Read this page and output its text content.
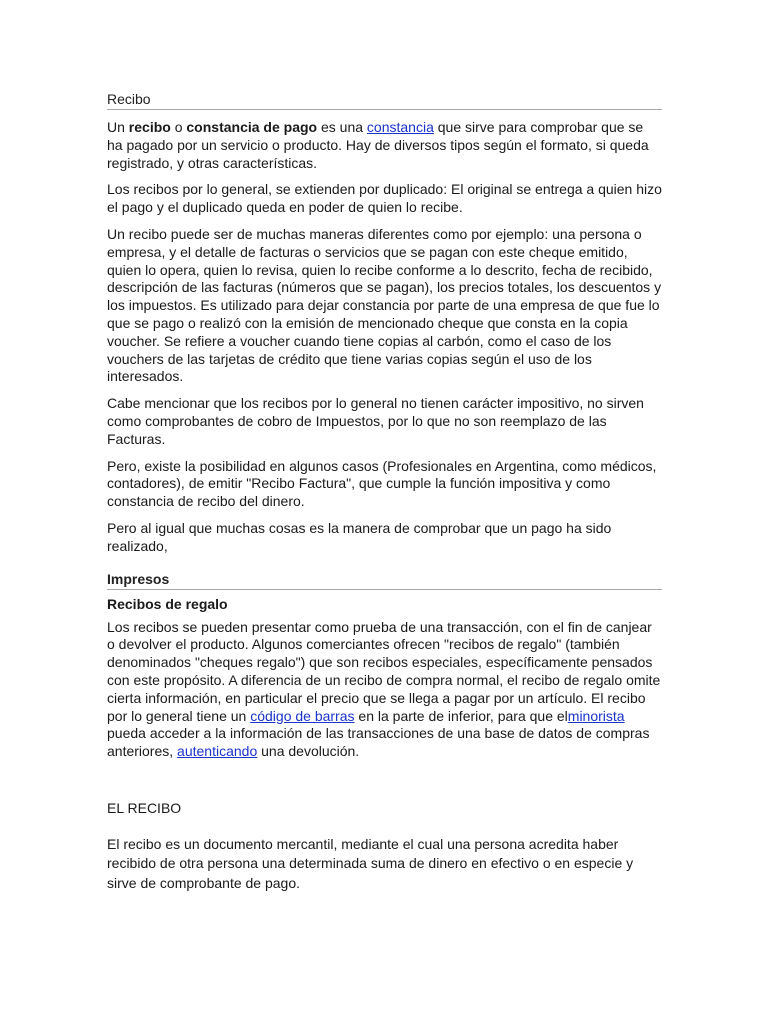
Recibo

Un recibo o constancia de pago es una constancia que sirve para comprobar que se ha pagado por un servicio o producto. Hay de diversos tipos según el formato, si queda registrado, y otras características.

Los recibos por lo general, se extienden por duplicado: El original se entrega a quien hizo el pago y el duplicado queda en poder de quien lo recibe.

Un recibo puede ser de muchas maneras diferentes como por ejemplo: una persona o empresa, y el detalle de facturas o servicios que se pagan con este cheque emitido, quien lo opera, quien lo revisa, quien lo recibe conforme a lo descrito, fecha de recibido, descripción de las facturas (números que se pagan), los precios totales, los descuentos y los impuestos. Es utilizado para dejar constancia por parte de una empresa de que fue lo que se pago o realizó con la emisión de mencionado cheque que consta en la copia voucher. Se refiere a voucher cuando tiene copias al carbón, como el caso de los vouchers de las tarjetas de crédito que tiene varias copias según el uso de los interesados.

Cabe mencionar que los recibos por lo general no tienen carácter impositivo, no sirven como comprobantes de cobro de Impuestos, por lo que no son reemplazo de las Facturas.

Pero, existe la posibilidad en algunos casos (Profesionales en Argentina, como médicos, contadores), de emitir "Recibo Factura", que cumple la función impositiva y como constancia de recibo del dinero.

Pero al igual que muchas cosas es la manera de comprobar que un pago ha sido realizado,

Impresos
Recibos de regalo

Los recibos se pueden presentar como prueba de una transacción, con el fin de canjear o devolver el producto. Algunos comerciantes ofrecen "recibos de regalo" (también denominados "cheques regalo") que son recibos especiales, específicamente pensados con este propósito. A diferencia de un recibo de compra normal, el recibo de regalo omite cierta información, en particular el precio que se llega a pagar por un artículo. El recibo por lo general tiene un código de barras en la parte de inferior, para que elminorista pueda acceder a la información de las transacciones de una base de datos de compras anteriores, autenticando una devolución.

EL RECIBO

El recibo es un documento mercantil, mediante el cual una persona acredita haber recibido de otra persona una determinada suma de dinero en efectivo o en especie y sirve de comprobante de pago.
